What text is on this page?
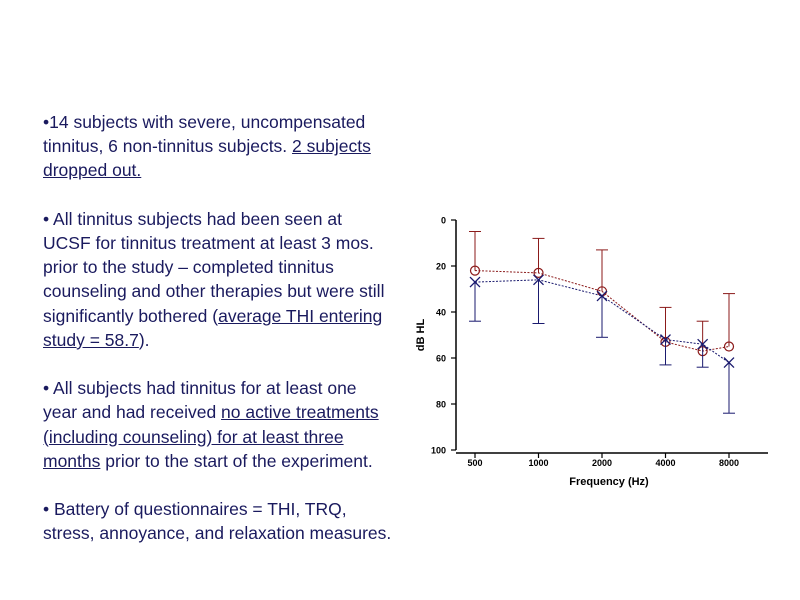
•14 subjects with severe, uncompensated tinnitus, 6 non-tinnitus subjects. 2 subjects dropped out.

• All tinnitus subjects had been seen at UCSF for tinnitus treatment at least 3 mos. prior to the study – completed tinnitus counseling and other therapies but were still significantly bothered (average THI entering study = 58.7).

• All subjects had tinnitus for at least one year and had received no active treatments (including counseling) for at least three months prior to the start of the experiment.

• Battery of questionnaires = THI, TRQ, stress, annoyance, and relaxation measures.

0
20
40
60
80
100
500	1000	2000	4000	8000
Frequency (Hz)
dB HL
